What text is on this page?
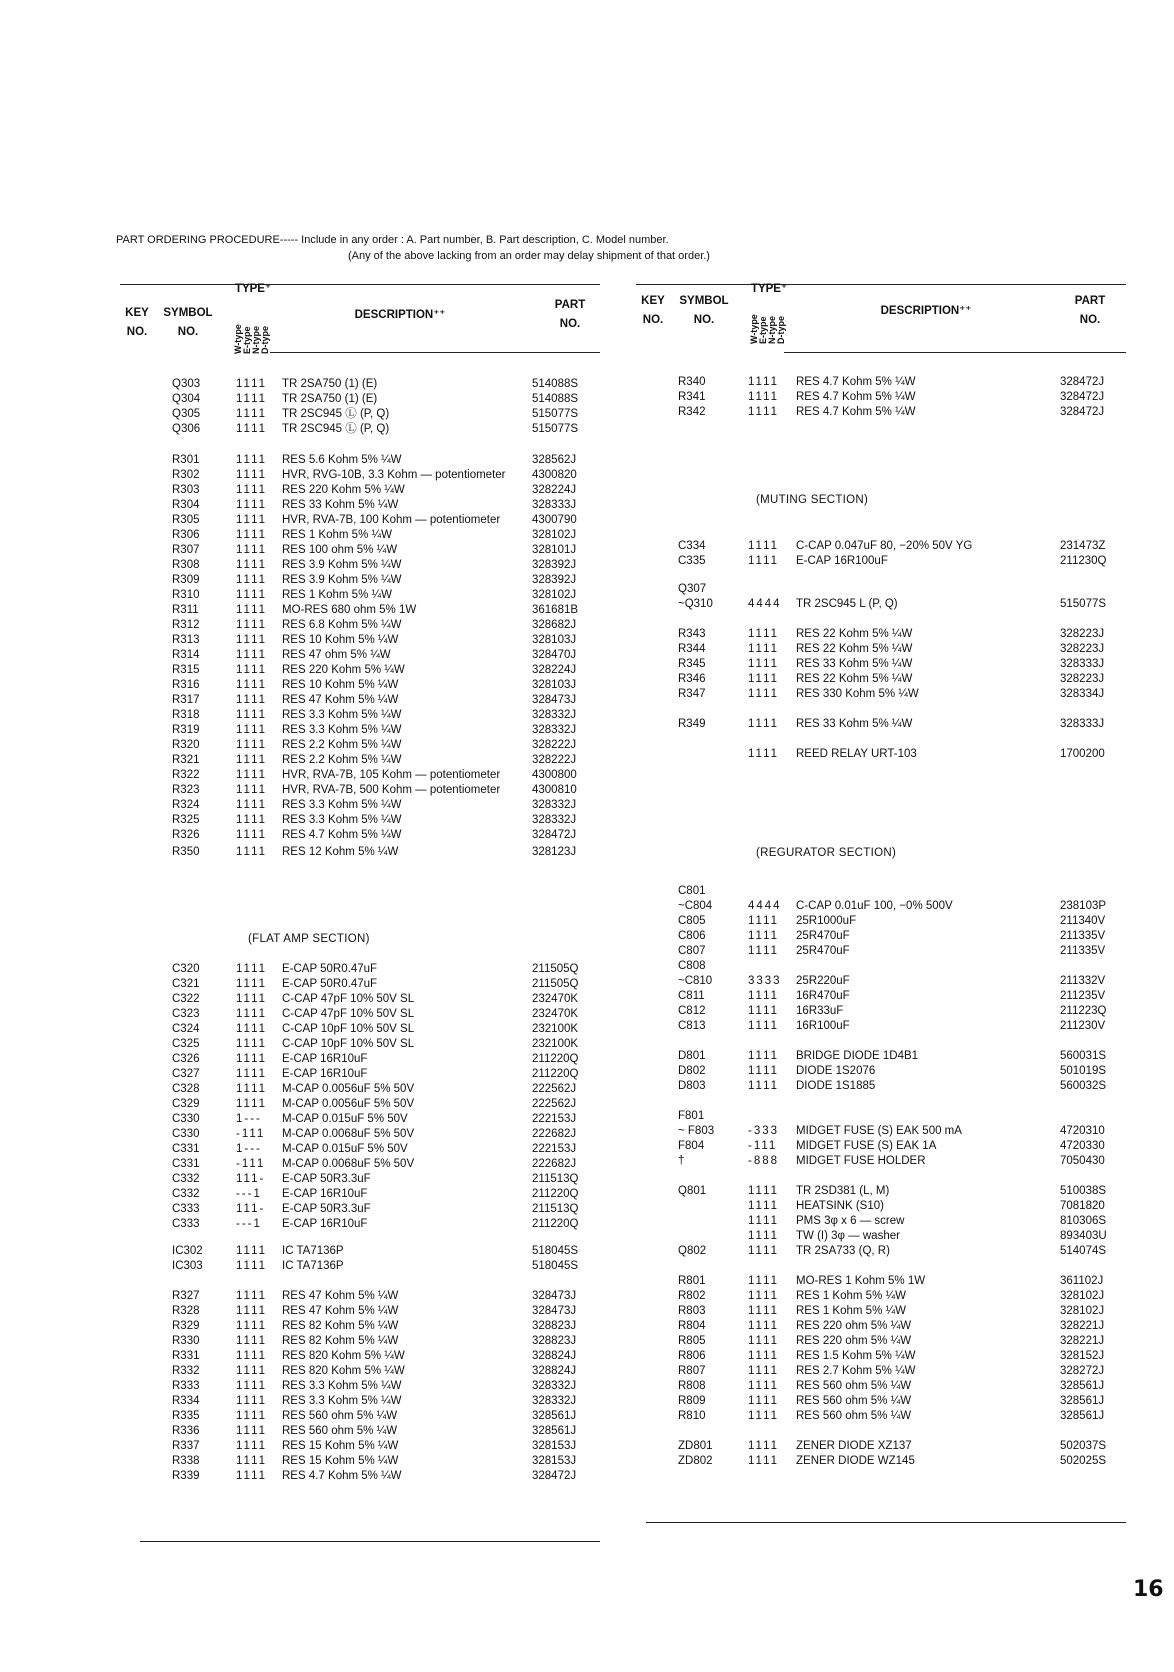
PART ORDERING PROCEDURE----- Include in any order : A. Part number, B. Part description, C. Model number.
(Any of the above lacking from an order may delay shipment of that order.)
KEY
NO.
SYMBOL
NO.
TYPE⁺
W-type E-type N-type D-type
DESCRIPTION⁺⁺
PART
NO.
(FLAT AMP SECTION)
Q303	1111 TR 2SA750 (1) (E)	514088S
Q304	1111 TR 2SA750 (1) (E)	514088S
Q305	1111 TR 2SC945 Ⓛ (P, Q)	515077S
Q306	1111 TR 2SC945 Ⓛ (P, Q)	515077S
R301	1111 RES 5.6 Kohm 5% ¼W	328562J
R302	1111 HVR, RVG-10B, 3.3 Kohm — potentiometer 4300820
R303	1111 RES 220 Kohm 5% ¼W	328224J
R304	1111 RES 33 Kohm 5% ¼W	328333J
R305	1111 HVR, RVA-7B, 100 Kohm — potentiometer	4300790
R306	1111 RES 1 Kohm 5% ¼W	328102J
R307	1111 RES 100 ohm 5% ¼W	328101J
R308	1111 RES 3.9 Kohm 5% ¼W	328392J
R309	1111 RES 3.9 Kohm 5% ¼W	328392J
R310	1111 RES 1 Kohm 5% ¼W	328102J
R311	1111 MO-RES 680 ohm 5% 1W	361681B
R312	1111 RES 6.8 Kohm 5% ¼W	328682J
R313	1111 RES 10 Kohm 5% ¼W	328103J
R314	1111 RES 47 ohm 5% ¼W	328470J
R315	1111 RES 220 Kohm 5% ¼W	328224J
R316	1111 RES 10 Kohm 5% ¼W	328103J
R317	1111 RES 47 Kohm 5% ¼W	328473J
R318	1111 RES 3.3 Kohm 5% ¼W	328332J
R319	1111 RES 3.3 Kohm 5% ¼W	328332J
R320	1111 RES 2.2 Kohm 5% ¼W	328222J
R321	1111 RES 2.2 Kohm 5% ¼W	328222J
R322	1111 HVR, RVA-7B, 105 Kohm — potentiometer	4300800
R323	1111 HVR, RVA-7B, 500 Kohm — potentiometer	4300810
R324	1111 RES 3.3 Kohm 5% ¼W	328332J
R325	1111 RES 3.3 Kohm 5% ¼W	328332J
R326	1111 RES 4.7 Kohm 5% ¼W	328472J
R350	1111 RES 12 Kohm 5% ¼W	328123J
C320	1111 E-CAP 50R0.47uF	211505Q
C321	1111 E-CAP 50R0.47uF	211505Q
C322	1111 C-CAP 47pF 10% 50V SL	232470K
C323	1111 C-CAP 47pF 10% 50V SL	232470K
C324	1111 C-CAP 10pF 10% 50V SL	232100K
C325	1111 C-CAP 10pF 10% 50V SL	232100K
C326	1111 E-CAP 16R10uF	211220Q
C327	1111 E-CAP 16R10uF	211220Q
C328	1111 M-CAP 0.0056uF 5% 50V	222562J
C329	1111 M-CAP 0.0056uF 5% 50V	222562J
C330	1--- M-CAP 0.015uF 5% 50V	222153J
C330	-111 M-CAP 0.0068uF 5% 50V	222682J
C331	1--- M-CAP 0.015uF 5% 50V	222153J
C331	-111 M-CAP 0.0068uF 5% 50V	222682J
C332	111- E-CAP 50R3.3uF	211513Q
C332	---1 E-CAP 16R10uF	211220Q
C333	111- E-CAP 50R3.3uF	211513Q
C333	---1 E-CAP 16R10uF	211220Q
IC302	1111 IC TA7136P	518045S
IC303	1111 IC TA7136P	518045S
R327	1111 RES 47 Kohm 5% ¼W	328473J
R328	1111 RES 47 Kohm 5% ¼W	328473J
R329	1111 RES 82 Kohm 5% ¼W	328823J
R330	1111 RES 82 Kohm 5% ¼W	328823J
R331	1111 RES 820 Kohm 5% ¼W	328824J
R332	1111 RES 820 Kohm 5% ¼W	328824J
R333	1111 RES 3.3 Kohm 5% ¼W	328332J
R334	1111 RES 3.3 Kohm 5% ¼W	328332J
R335	1111 RES 560 ohm 5% ¼W	328561J
R336	1111 RES 560 ohm 5% ¼W	328561J
R337	1111 RES 15 Kohm 5% ¼W	328153J
R338	1111 RES 15 Kohm 5% ¼W	328153J
R339	1111 RES 4.7 Kohm 5% ¼W	328472J
KEY
NO.
SYMBOL
NO.
TYPE⁺
W-type E-type N-type D-type
DESCRIPTION⁺⁺
PART
NO.
(MUTING SECTION)
(REGURATOR SECTION)
R340	1111 RES 4.7 Kohm 5% ¼W	328472J
R341	1111 RES 4.7 Kohm 5% ¼W	328472J
R342	1111 RES 4.7 Kohm 5% ¼W	328472J
C334	1111 C-CAP 0.047uF 80, −20% 50V YG	231473Z
C335	1111 E-CAP 16R100uF	211230Q
Q307
~Q310	4444 TR 2SC945 L (P, Q)	515077S
R343	1111 RES 22 Kohm 5% ¼W	328223J
R344	1111 RES 22 Kohm 5% ¼W	328223J
R345	1111 RES 33 Kohm 5% ¼W	328333J
R346	1111 RES 22 Kohm 5% ¼W	328223J
R347	1111 RES 330 Kohm 5% ¼W	328334J
R349	1111 RES 33 Kohm 5% ¼W	328333J
1111 REED RELAY URT-103	1700200
C801
~C804	4444 C-CAP 0.01uF 100, −0% 500V	238103P
C805	1111 25R1000uF	211340V
C806	1111 25R470uF	211335V
C807	1111 25R470uF	211335V
C808
~C810	3333 25R220uF	211332V
C811	1111 16R470uF	211235V
C812	1111 16R33uF	211223Q
C813	1111 16R100uF	211230V
D801	1111 BRIDGE DIODE 1D4B1	560031S
D802	1111 DIODE 1S2076	501019S
D803	1111 DIODE 1S1885	560032S
F801
~ F803	-333 MIDGET FUSE (S) EAK 500 mA	4720310
F804	-111 MIDGET FUSE (S) EAK 1A	4720330
†	-888 MIDGET FUSE HOLDER	7050430
Q801	1111 TR 2SD381 (L, M)	510038S
1111 HEATSINK (S10)	7081820
1111 PMS 3φ x 6 — screw	810306S
1111 TW (I) 3φ — washer	893403U
Q802	1111 TR 2SA733 (Q, R)	514074S
R801	1111 MO-RES 1 Kohm 5% 1W	361102J
R802	1111 RES 1 Kohm 5% ¼W	328102J
R803	1111 RES 1 Kohm 5% ¼W	328102J
R804	1111 RES 220 ohm 5% ¼W	328221J
R805	1111 RES 220 ohm 5% ¼W	328221J
R806	1111 RES 1.5 Kohm 5% ¼W	328152J
R807	1111 RES 2.7 Kohm 5% ¼W	328272J
R808	1111 RES 560 ohm 5% ¼W	328561J
R809	1111 RES 560 ohm 5% ¼W	328561J
R810	1111 RES 560 ohm 5% ¼W	328561J
ZD801	1111 ZENER DIODE XZ137	502037S
ZD802	1111 ZENER DIODE WZ145	502025S
16
